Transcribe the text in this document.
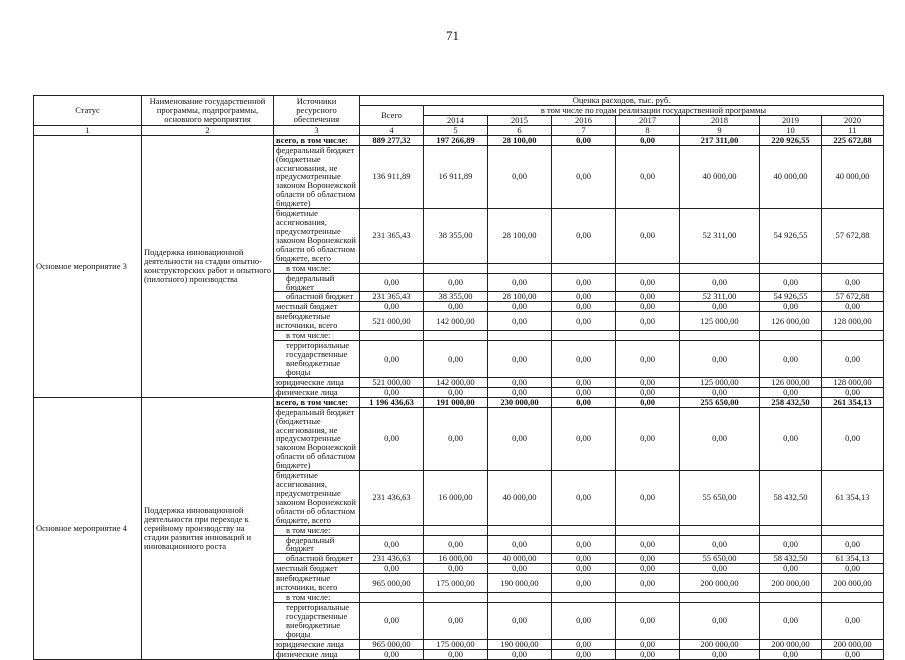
71
Статус	Наименование государственной программы, подпрограммы, основного мероприятия	Источники ресурсного обеспечения	Оценка расходов, тыс. руб.							
			Всего	в том числе по годам реализации государственной программы						
				2014	2015	2016	2017	2018	2019	2020
1	2	3	4	5	6	7	8	9	10	11
Основное мероприятие 3	Поддержка инновационной деятельности на стадии опытно-конструкторских работ и опытного (пилотного) производства	всего, в том числе:	889 277,32	197 266,89	28 100,00	0,00	0,00	217 311,00	220 926,55	225 672,88
		федеральный бюджет (бюджетные ассигнования, не предусмотренные законом Воронежской области об областном бюджете)	136 911,89	16 911,89	0,00	0,00	0,00	40 000,00	40 000,00	40 000,00
		бюджетные ассигнования, предусмотренные законом Воронежской области об областном бюджете, всего	231 365,43	38 355,00	28 100,00	0,00	0,00	52 311,00	54 926,55	57 672,88
		в том числе:								
		федеральный бюджет	0,00	0,00	0,00	0,00	0,00	0,00	0,00	0,00
		областной бюджет	231 365,43	38 355,00	28 100,00	0,00	0,00	52 311,00	54 926,55	57 672,88
		местный бюджет	0,00	0,00	0,00	0,00	0,00	0,00	0,00	0,00
		внебюджетные источники, всего	521 000,00	142 000,00	0,00	0,00	0,00	125 000,00	126 000,00	128 000,00
		в том числе:								
		территориальные государственные внебюджетные фонды	0,00	0,00	0,00	0,00	0,00	0,00	0,00	0,00
		юридические лица	521 000,00	142 000,00	0,00	0,00	0,00	125 000,00	126 000,00	128 000,00
		физические лица	0,00	0,00	0,00	0,00	0,00	0,00	0,00	0,00
Основное мероприятие 4	Поддержка инновационной деятельности при переходе к серийному производству на стадии развития инноваций и инновационного роста	всего, в том числе:	1 196 436,63	191 000,00	230 000,00	0,00	0,00	255 650,00	258 432,50	261 354,13
		федеральный бюджет (бюджетные ассигнования, не предусмотренные законом Воронежской области об областном бюджете)	0,00	0,00	0,00	0,00	0,00	0,00	0,00	0,00
		бюджетные ассигнования, предусмотренные законом Воронежской области об областном бюджете, всего	231 436,63	16 000,00	40 000,00	0,00	0,00	55 650,00	58 432,50	61 354,13
		в том числе:								
		федеральный бюджет	0,00	0,00	0,00	0,00	0,00	0,00	0,00	0,00
		областной бюджет	231 436,63	16 000,00	40 000,00	0,00	0,00	55 650,00	58 432,50	61 354,13
		местный бюджет	0,00	0,00	0,00	0,00	0,00	0,00	0,00	0,00
		внебюджетные источники, всего	965 000,00	175 000,00	190 000,00	0,00	0,00	200 000,00	200 000,00	200 000,00
		в том числе:								
		территориальные государственные внебюджетные фонды	0,00	0,00	0,00	0,00	0,00	0,00	0,00	0,00
		юридические лица	965 000,00	175 000,00	190 000,00	0,00	0,00	200 000,00	200 000,00	200 000,00
		физические лица	0,00	0,00	0,00	0,00	0,00	0,00	0,00	0,00
